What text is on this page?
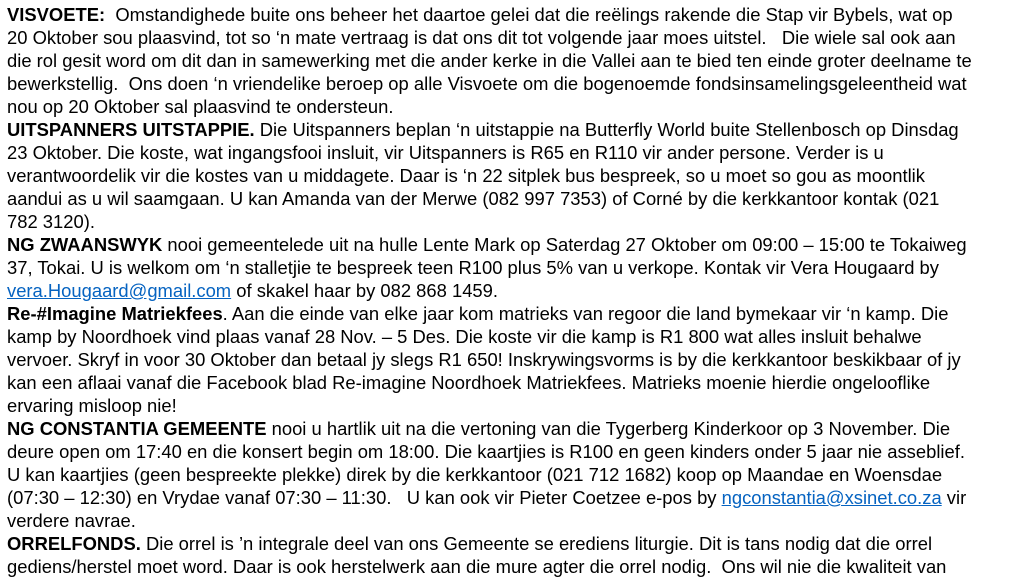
VISVOETE:  Omstandighede buite ons beheer het daartoe gelei dat die reëlings rakende die Stap vir Bybels, wat op
20 Oktober sou plaasvind, tot so ‘n mate vertraag is dat ons dit tot volgende jaar moes uitstel.   Die wiele sal ook aan
die rol gesit word om dit dan in samewerking met die ander kerke in die Vallei aan te bied ten einde groter deelname te
bewerkstellig.  Ons doen ‘n vriendelike beroep op alle Visvoete om die bogenoemde fondsinsamelingsgeleentheid wat
nou op 20 Oktober sal plaasvind te ondersteun.
UITSPANNERS UITSTAPPIE. Die Uitspanners beplan ‘n uitstappie na Butterfly World buite Stellenbosch op Dinsdag
23 Oktober. Die koste, wat ingangsfooi insluit, vir Uitspanners is R65 en R110 vir ander persone. Verder is u
verantwoordelik vir die kostes van u middagete. Daar is ‘n 22 sitplek bus bespreek, so u moet so gou as moontlik
aandui as u wil saamgaan. U kan Amanda van der Merwe (082 997 7353) of Corné by die kerkkantoor kontak (021
782 3120).
NG ZWAANSWYK nooi gemeentelede uit na hulle Lente Mark op Saterdag 27 Oktober om 09:00 – 15:00 te Tokaiweg
37, Tokai. U is welkom om ‘n stalletjie te bespreek teen R100 plus 5% van u verkope. Kontak vir Vera Hougaard by
vera.Hougaard@gmail.com of skakel haar by 082 868 1459.
Re-#Imagine Matriekfees. Aan die einde van elke jaar kom matrieks van regoor die land bymekaar vir ‘n kamp. Die
kamp by Noordhoek vind plaas vanaf 28 Nov. – 5 Des. Die koste vir die kamp is R1 800 wat alles insluit behalwe
vervoer. Skryf in voor 30 Oktober dan betaal jy slegs R1 650! Inskrywingsvorms is by die kerkkantoor beskikbaar of jy
kan een aflaai vanaf die Facebook blad Re-imagine Noordhoek Matriekfees. Matrieks moenie hierdie ongelooflike
ervaring misloop nie!
NG CONSTANTIA GEMEENTE nooi u hartlik uit na die vertoning van die Tygerberg Kinderkoor op 3 November. Die
deure open om 17:40 en die konsert begin om 18:00. Die kaartjies is R100 en geen kinders onder 5 jaar nie asseblief.
U kan kaartjies (geen bespreekte plekke) direk by die kerkkantoor (021 712 1682) koop op Maandae en Woensdae
(07:30 – 12:30) en Vrydae vanaf 07:30 – 11:30.   U kan ook vir Pieter Coetzee e-pos by ngconstantia@xsinet.co.za vir
verdere navrae.
ORRELFONDS. Die orrel is ’n integrale deel van ons Gemeente se erediens liturgie. Dit is tans nodig dat die orrel
gediens/herstel moet word. Daar is ook herstelwerk aan die mure agter die orrel nodig.  Ons wil nie die kwaliteit van
